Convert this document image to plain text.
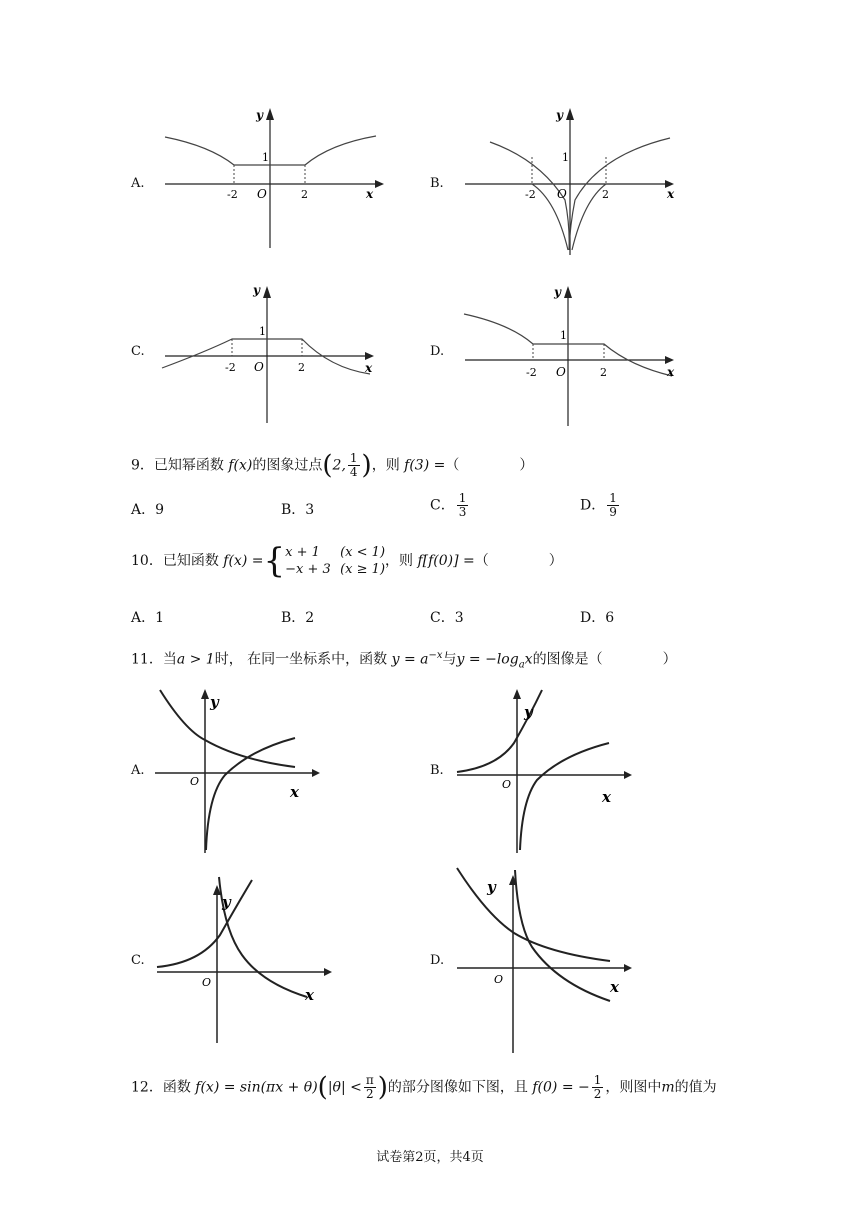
A.
y
x
O
1
-2	2
B.
y
x
O
1
-2	2
C.
y
x
O
1
-2	2
D.
y
x
O
1
-2	2
9．已知幂函数 f(x)的图象过点(2, $\frac{1}{4}$ )，则 f(3) =（	）
A．9	B．3	C． $\frac{1}{3}$	D． $\frac{1}{9}$
10．已知函数 f(x) ={x + 1 (x < 1)
−x + 3 (x ≥ 1)，则 f[f(0)] =（	）
A．1	B．2	C．3	D．6
11．当a > 1时， 在同一坐标系中，函数 $y = a^{-x}$与$y = -\log_ax$的图像是（	）
A.
y
x
O
B.
y
x
O
C.
y
x
O
D.
y
x
O
12．函数 $f(x) = \sin(\pi x + \theta)(|\theta| < \frac{\pi}{2}$ )的部分图像如下图，且 f(0) = − $\frac{1}{2}$ ，则图中m的值为
试卷第2页，共4页
